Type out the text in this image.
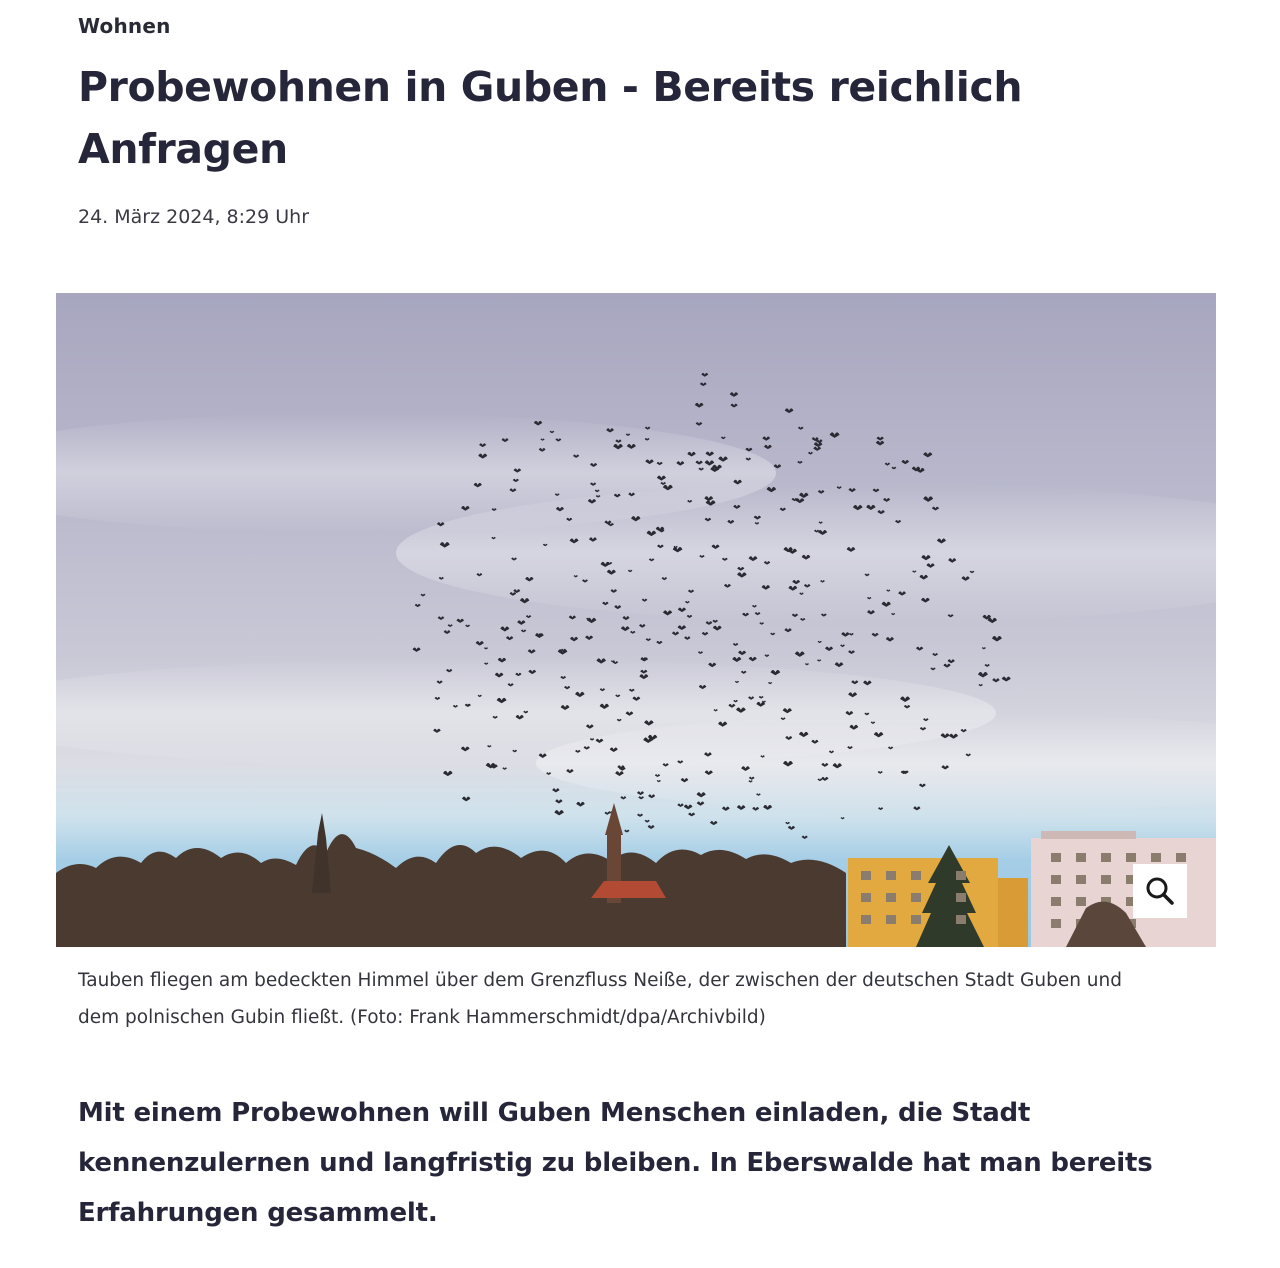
Wohnen
Probewohnen in Guben - Bereits reichlich Anfragen
24. März 2024, 8:29 Uhr

Tauben fliegen am bedeckten Himmel über dem Grenzfluss Neiße, der zwischen der deutschen Stadt Guben und dem polnischen Gubin fließt. (Foto: Frank Hammerschmidt/dpa/Archivbild)

Mit einem Probewohnen will Guben Menschen einladen, die Stadt kennenzulernen und langfristig zu bleiben. In Eberswalde hat man bereits Erfahrungen gesammelt.
